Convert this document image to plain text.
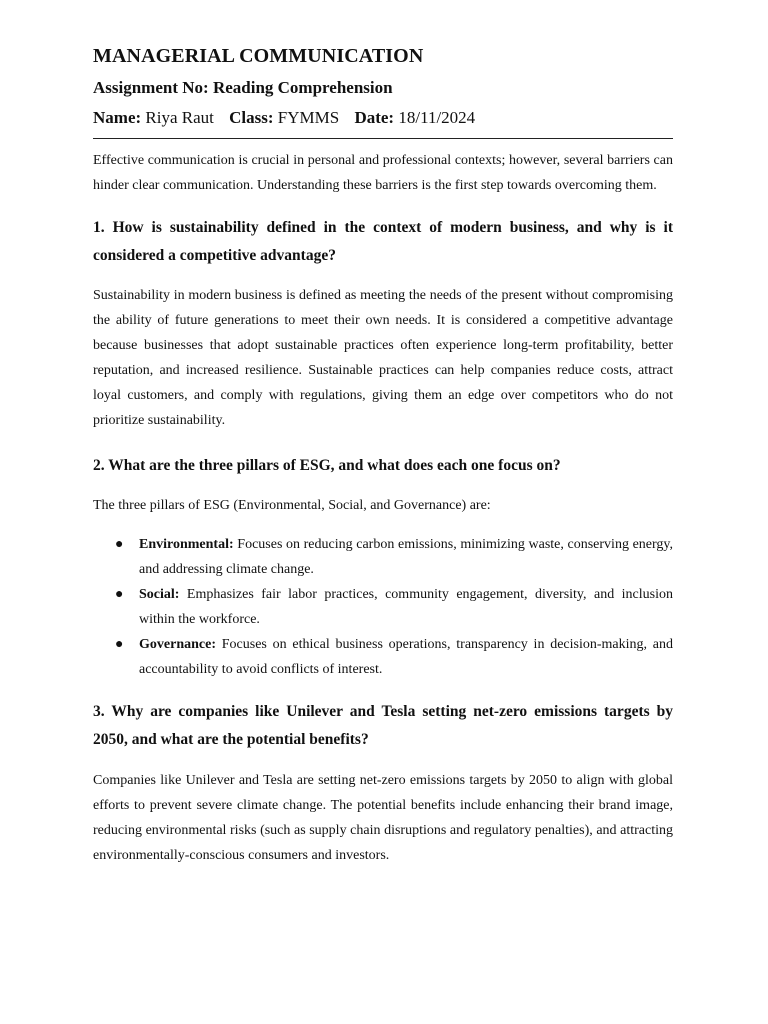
MANAGERIAL COMMUNICATION
Assignment No: Reading Comprehension
Name: Riya Raut Class: FYMMS Date: 18/11/2024

Effective communication is crucial in personal and professional contexts; however, several barriers can hinder clear communication. Understanding these barriers is the first step towards overcoming them.

1. How is sustainability defined in the context of modern business, and why is it considered a competitive advantage?

Sustainability in modern business is defined as meeting the needs of the present without compromising the ability of future generations to meet their own needs. It is considered a competitive advantage because businesses that adopt sustainable practices often experience long-term profitability, better reputation, and increased resilience. Sustainable practices can help companies reduce costs, attract loyal customers, and comply with regulations, giving them an edge over competitors who do not prioritize sustainability.

2. What are the three pillars of ESG, and what does each one focus on?

The three pillars of ESG (Environmental, Social, and Governance) are:

● Environmental: Focuses on reducing carbon emissions, minimizing waste, conserving energy, and addressing climate change.
● Social: Emphasizes fair labor practices, community engagement, diversity, and inclusion within the workforce.
● Governance: Focuses on ethical business operations, transparency in decision-making, and accountability to avoid conflicts of interest.
3. Why are companies like Unilever and Tesla setting net-zero emissions targets by 2050, and what are the potential benefits?

Companies like Unilever and Tesla are setting net-zero emissions targets by 2050 to align with global efforts to prevent severe climate change. The potential benefits include enhancing their brand image, reducing environmental risks (such as supply chain disruptions and regulatory penalties), and attracting environmentally-conscious consumers and investors.
